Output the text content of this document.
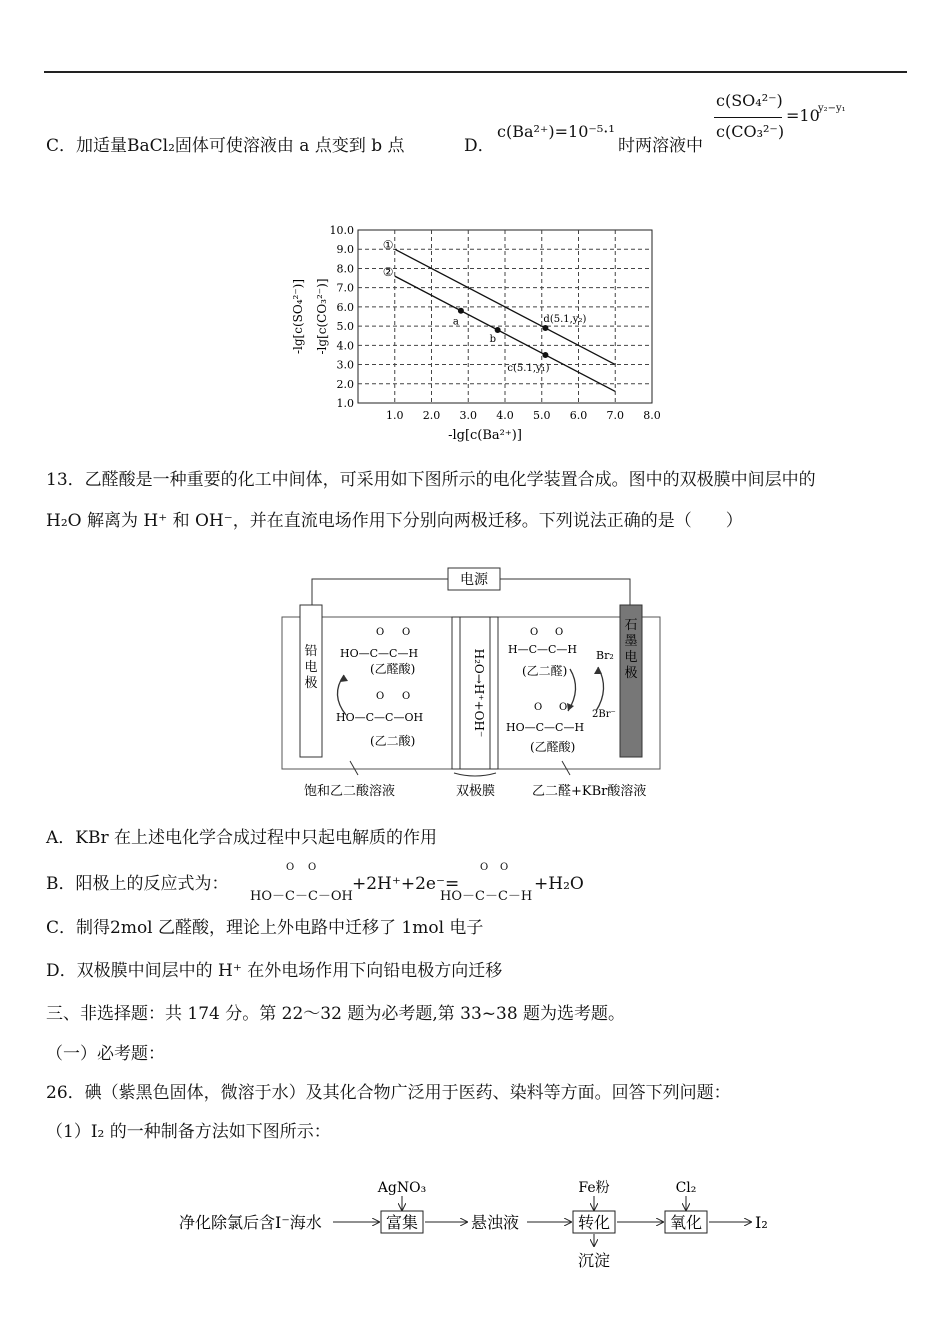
C．加适量BaCl₂固体可使溶液由 a 点变到 b 点	D．
c(Ba²⁺)=10⁻⁵·¹
时两溶液中
c(SO₄²⁻)
c(CO₃²⁻)
=10
y₂−y₁
1.0 2.0 3.0 4.0 5.0 6.0 7.0 8.0
1.0
2.0
3.0
4.0
5.0
6.0
7.0
8.0
9.0
10.0
①
②
a
b
d(5.1,y₂)
c(5.1,y₁)
-lg[c(Ba²⁺)]
-lg[c(SO₄²⁻)] -lg[c(CO₃²⁻)]
13．乙醛酸是一种重要的化工中间体，可采用如下图所示的电化学装置合成。图中的双极膜中间层中的
H₂O 解离为 H⁺ 和 OH⁻，并在直流电场作用下分别向两极迁移。下列说法正确的是（　　）
电源
铅电极
石墨电极
H₂O→H⁺+OH⁻
O O
HO—C—C—H
(乙醛酸)
O O
HO—C—C—OH
(乙二酸)
O O
H—C—C—H
(乙二醛)
O O
HO—C—C—H
(乙醛酸)
Br₂
2Br⁻
饱和乙二酸溶液	双极膜	乙二醛+KBr酸溶液
A．KBr 在上述电化学合成过程中只起电解质的作用
B．阳极上的反应式为：
O O
HO－C－C－OH
+2H⁺+2e⁻=
O O
HO－C－C－H
+H₂O
C．制得2mol 乙醛酸，理论上外电路中迁移了 1mol 电子
D．双极膜中间层中的 H⁺ 在外电场作用下向铅电极方向迁移
三、非选择题：共 174 分。第 22～32 题为必考题,第 33~38 题为选考题。
（一）必考题：
26．碘（紫黑色固体，微溶于水）及其化合物广泛用于医药、染料等方面。回答下列问题：
（1）I₂ 的一种制备方法如下图所示：
净化除氯后含I⁻海水	富集
AgNO₃
悬浊液	转化
Fe粉
沉淀
氧化
Cl₂
I₂
